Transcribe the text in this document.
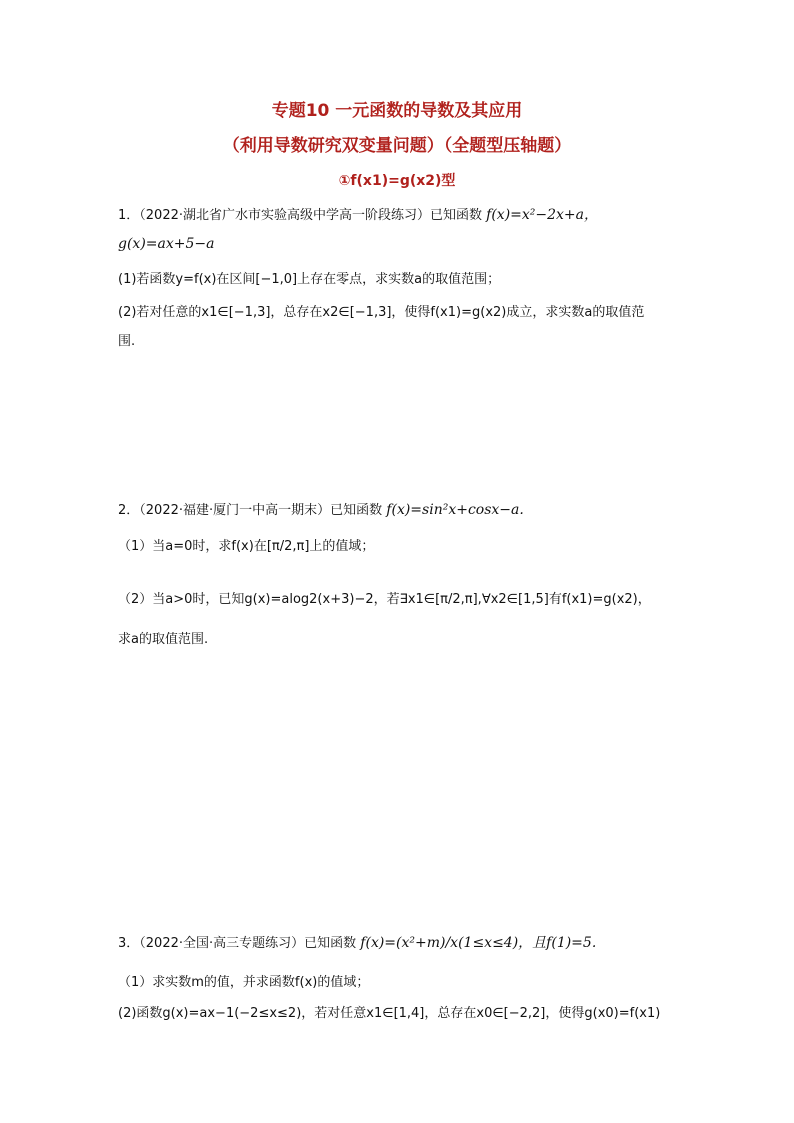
专题10 一元函数的导数及其应用
（利用导数研究双变量问题）（全题型压轴题）
①f(x1)=g(x2)型
1．（2022·湖北省广水市实验高级中学高一阶段练习）已知函数 f(x)=x²−2x+a，
g(x)=ax+5−a
(1)若函数y=f(x)在区间[−1,0]上存在零点，求实数a的取值范围；
(2)若对任意的x1∈[−1,3]，总存在x2∈[−1,3]，使得f(x1)=g(x2)成立，求实数a的取值范
围.
2．（2022·福建·厦门一中高一期末）已知函数 f(x)=sin²x+cosx−a.
（1）当a=0时，求f(x)在[π/2,π]上的值域；
（2）当a>0时，已知g(x)=alog2(x+3)−2，若∃x1∈[π/2,π],∀x2∈[1,5]有f(x1)=g(x2)，
求a的取值范围.
3．（2022·全国·高三专题练习）已知函数 f(x)=(x²+m)/x(1≤x≤4)，且f(1)=5.
（1）求实数m的值，并求函数f(x)的值域；
(2)函数g(x)=ax−1(−2≤x≤2)，若对任意x1∈[1,4]，总存在x0∈[−2,2]，使得g(x0)=f(x1)
